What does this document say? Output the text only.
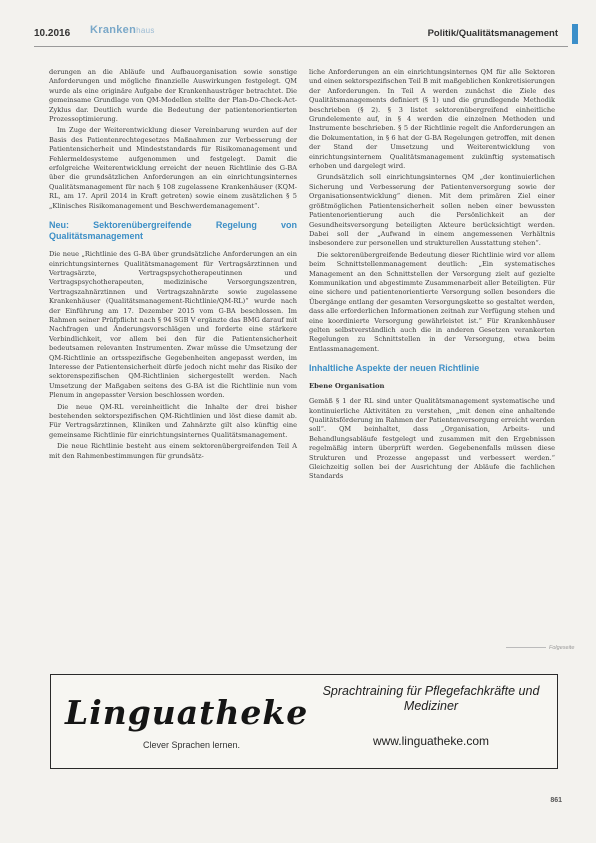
10.2016 Krankenhaus	Politik/Qualitätsmanagement

derungen an die Abläufe und Aufbauorganisation sowie sonstige Anforderungen und mögliche finanzielle Auswirkungen festgelegt. QM wurde als eine originäre Aufgabe der Krankenhausträger betrachtet. Die gemeinsame Grundlage von QM-Modellen stellte der Plan-Do-Check-Act-Zyklus dar. Deutlich wurde die Bedeutung der patientenorientierten Prozessoptimierung.

Im Zuge der Weiterentwicklung dieser Vereinbarung wurden auf der Basis des Patientenrechtegesetzes Maßnahmen zur Verbesserung der Patientensicherheit und Mindeststandards für Risikomanagement und Fehlermeldesysteme aufgenommen und festgelegt. Damit die erfolgreiche Weiterentwicklung erreicht der neuen Richtlinie des G-BA über die grundsätzlichen Anforderungen an ein einrichtungsinternes Qualitätsmanagement für nach § 108 zugelassene Krankenhäuser (KQM-RL, am 17. April 2014 in Kraft getreten) sowie einem zusätzlichen § 5 „Klinisches Risikomanagement und Beschwerdemanagement“.

Neu: Sektorenübergreifende Regelung von Qualitätsmanagement

Die neue „Richtlinie des G-BA über grundsätzliche Anforderungen an ein einrichtungsinternes Qualitätsmanagement für Vertragsärztinnen und Vertragsärzte, Vertragspsychotherapeutinnen und Vertragspsychotherapeuten, medizinische Versorgungszentren, Vertragszahnärztinnen und Vertragszahnärzte sowie zugelassene Krankenhäuser (Qualitätsmanagement-Richtlinie/QM-RL)“ wurde nach der Einführung am 17. Dezember 2015 vom G-BA beschlossen. Im Rahmen seiner Prüfpflicht nach § 94 SGB V ergänzte das BMG darauf mit Nachfragen und Änderungsvorschlägen und forderte eine stärkere Verbindlichkeit, vor allem bei den für die Patientensicherheit bedeutsamen relevanten Instrumenten. Zwar müsse die Umsetzung der QM-Richtlinie an ortsspezifische Gegebenheiten angepasst werden, im Interesse der Patientensicherheit dürfe jedoch nicht mehr das Risiko der sektorenspezifischen QM-Richtlinien sichergestellt werden. Nach Umsetzung der Maßgaben seitens des G-BA ist die Richtlinie nun vom Plenum in angepasster Version beschlossen worden.

Die neue QM-RL vereinheitlicht die Inhalte der drei bisher bestehenden sektorspezifischen QM-Richtlinien und löst diese damit ab. Für Vertragsärztinnen, Kliniken und Zahnärzte gilt also künftig eine gemeinsame Richtlinie für einrichtungsinternes Qualitätsmanagement.

Die neue Richtlinie besteht aus einem sektorenübergreifenden Teil A mit den Rahmenbestimmungen für grundsätz-

liche Anforderungen an ein einrichtungsinternes QM für alle Sektoren und einen sektorspezifischen Teil B mit maßgeblichen Konkretisierungen der Anforderungen. In Teil A werden zunächst die Ziele des Qualitätsmanagements definiert (§ 1) und die grundlegende Methodik beschrieben (§ 2). § 3 listet sektorenübergreifend einheitliche Grundelemente auf, in § 4 werden die einzelnen Methoden und Instrumente beschrieben. § 5 der Richtlinie regelt die Anforderungen an die Dokumentation, in § 6 hat der G-BA Regelungen getroffen, mit denen der Stand der Umsetzung und Weiterentwicklung von einrichtungsinternem Qualitätsmanagement zukünftig systematisch erhoben und dargelegt wird.

Grundsätzlich soll einrichtungsinternes QM „der kontinuierlichen Sicherung und Verbesserung der Patientenversorgung sowie der Organisationsentwicklung“ dienen. Mit dem primären Ziel einer größtmöglichen Patientensicherheit sollen neben einer bewussten Patientenorientierung auch die Persönlichkeit an der Gesundheitsversorgung beteiligten Akteure berücksichtigt werden. Dabei soll der „Aufwand in einem angemessenen Verhältnis insbesondere zur personellen und strukturellen Ausstattung stehen“.

Die sektorenübergreifende Bedeutung dieser Richtlinie wird vor allem beim Schnittstellenmanagement deutlich: „Ein systematisches Management an den Schnittstellen der Versorgung zielt auf gezielte Kommunikation und abgestimmte Zusammenarbeit aller Beteiligten. Für eine sichere und patientenorientierte Versorgung sollen besonders die Übergänge entlang der gesamten Versorgungskette so gestaltet werden, dass alle erforderlichen Informationen zeitnah zur Verfügung stehen und eine koordinierte Versorgung gewährleistet ist.“ Für Krankenhäuser gelten selbstverständlich auch die in anderen Gesetzen verankerten Regelungen zu Schnittstellen in der Versorgung, etwa beim Entlassmanagement.

Inhaltliche Aspekte der neuen Richtlinie
Ebene Organisation

Gemäß § 1 der RL sind unter Qualitätsmanagement systematische und kontinuierliche Aktivitäten zu verstehen, „mit denen eine anhaltende Qualitätsförderung im Rahmen der Patientenversorgung erreicht werden soll“. QM beinhaltet, dass „Organisation, Arbeits- und Behandlungsabläufe festgelegt und zusammen mit den Ergebnissen regelmäßig intern überprüft werden. Gegebenenfalls müssen diese Strukturen und Prozesse angepasst und verbessert werden.“ Gleichzeitig sollen bei der Ausrichtung der Abläufe die fachlichen Standards

Folgeseite
Linguatheke
Clever Sprachen lernen.
Sprachtraining für Pflegefachkräfte und Mediziner
www.linguatheke.com
861
